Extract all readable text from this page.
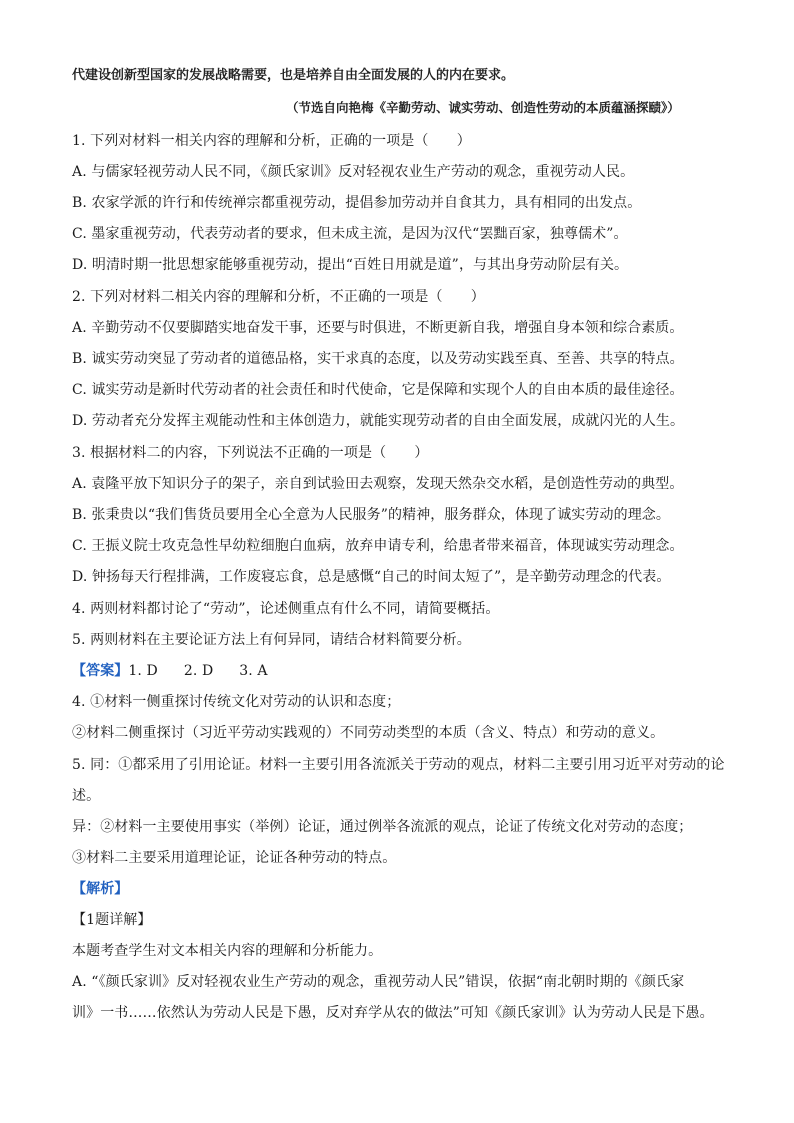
代建设创新型国家的发展战略需要，也是培养自由全面发展的人的内在要求。
（节选自向艳梅《辛勤劳动、诚实劳动、创造性劳动的本质蕴涵探赜》）
1. 下列对材料一相关内容的理解和分析，正确的一项是（　　）
A. 与儒家轻视劳动人民不同，《颜氏家训》反对轻视农业生产劳动的观念，重视劳动人民。
B. 农家学派的许行和传统禅宗都重视劳动，提倡参加劳动并自食其力，具有相同的出发点。
C. 墨家重视劳动，代表劳动者的要求，但未成主流，是因为汉代“罢黜百家，独尊儒术”。
D. 明清时期一批思想家能够重视劳动，提出“百姓日用就是道”，与其出身劳动阶层有关。
2. 下列对材料二相关内容的理解和分析，不正确的一项是（　　）
A. 辛勤劳动不仅要脚踏实地奋发干事，还要与时俱进，不断更新自我，增强自身本领和综合素质。
B. 诚实劳动突显了劳动者的道德品格，实干求真的态度，以及劳动实践至真、至善、共享的特点。
C. 诚实劳动是新时代劳动者的社会责任和时代使命，它是保障和实现个人的自由本质的最佳途径。
D. 劳动者充分发挥主观能动性和主体创造力，就能实现劳动者的自由全面发展，成就闪光的人生。
3. 根据材料二的内容，下列说法不正确的一项是（　　）
A. 袁隆平放下知识分子的架子，亲自到试验田去观察，发现天然杂交水稻，是创造性劳动的典型。
B. 张秉贵以“我们售货员要用全心全意为人民服务”的精神，服务群众，体现了诚实劳动的理念。
C. 王振义院士攻克急性早幼粒细胞白血病，放弃申请专利，给患者带来福音，体现诚实劳动理念。
D. 钟扬每天行程排满，工作废寝忘食，总是感慨“自己的时间太短了”，是辛勤劳动理念的代表。
4. 两则材料都讨论了“劳动”，论述侧重点有什么不同，请简要概括。
5. 两则材料在主要论证方法上有何异同，请结合材料简要分析。
【答案】1. D 2. D 3. A
4. ①材料一侧重探讨传统文化对劳动的认识和态度；
②材料二侧重探讨（习近平劳动实践观的）不同劳动类型的本质（含义、特点）和劳动的意义。
5. 同：①都采用了引用论证。材料一主要引用各流派关于劳动的观点，材料二主要引用习近平对劳动的论
述。
异：②材料一主要使用事实（举例）论证，通过例举各流派的观点，论证了传统文化对劳动的态度；
③材料二主要采用道理论证，论证各种劳动的特点。
【解析】
【1题详解】
本题考查学生对文本相关内容的理解和分析能力。
A. “《颜氏家训》反对轻视农业生产劳动的观念，重视劳动人民”错误，依据“南北朝时期的《颜氏家
训》一书……依然认为劳动人民是下愚，反对弃学从农的做法”可知《颜氏家训》认为劳动人民是下愚。
